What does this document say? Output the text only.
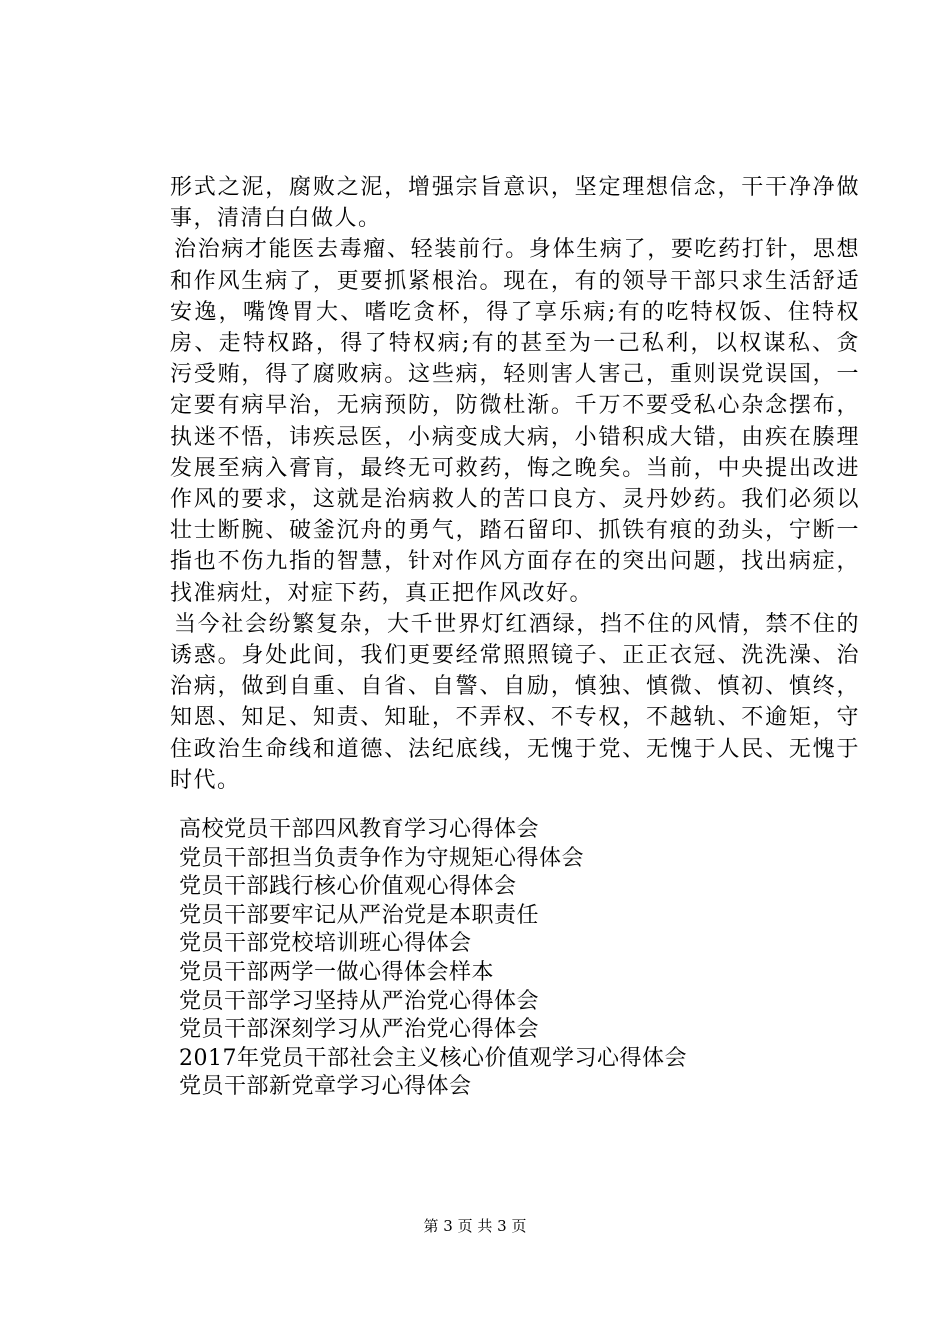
形式之泥，腐败之泥，增强宗旨意识，坚定理想信念，干干净净做事，清清白白做人。

治治病才能医去毒瘤、轻装前行。身体生病了，要吃药打针，思想和作风生病了，更要抓紧根治。现在，有的领导干部只求生活舒适安逸，嘴馋胃大、嗜吃贪杯，得了享乐病;有的吃特权饭、住特权房、走特权路，得了特权病;有的甚至为一己私利，以权谋私、贪污受贿，得了腐败病。这些病，轻则害人害己，重则误党误国，一定要有病早治，无病预防，防微杜渐。千万不要受私心杂念摆布，执迷不悟，讳疾忌医，小病变成大病，小错积成大错，由疾在腠理发展至病入膏肓，最终无可救药，悔之晚矣。当前，中央提出改进作风的要求，这就是治病救人的苦口良方、灵丹妙药。我们必须以壮士断腕、破釜沉舟的勇气，踏石留印、抓铁有痕的劲头，宁断一指也不伤九指的智慧，针对作风方面存在的突出问题，找出病症，找准病灶，对症下药，真正把作风改好。

当今社会纷繁复杂，大千世界灯红酒绿，挡不住的风情，禁不住的诱惑。身处此间，我们更要经常照照镜子、正正衣冠、洗洗澡、治治病，做到自重、自省、自警、自励，慎独、慎微、慎初、慎终，知恩、知足、知责、知耻，不弄权、不专权，不越轨、不逾矩，守住政治生命线和道德、法纪底线，无愧于党、无愧于人民、无愧于时代。

高校党员干部四风教育学习心得体会
党员干部担当负责争作为守规矩心得体会
党员干部践行核心价值观心得体会
党员干部要牢记从严治党是本职责任
党员干部党校培训班心得体会
党员干部两学一做心得体会样本
党员干部学习坚持从严治党心得体会
党员干部深刻学习从严治党心得体会
2017年党员干部社会主义核心价值观学习心得体会
党员干部新党章学习心得体会
第 3 页 共 3 页
